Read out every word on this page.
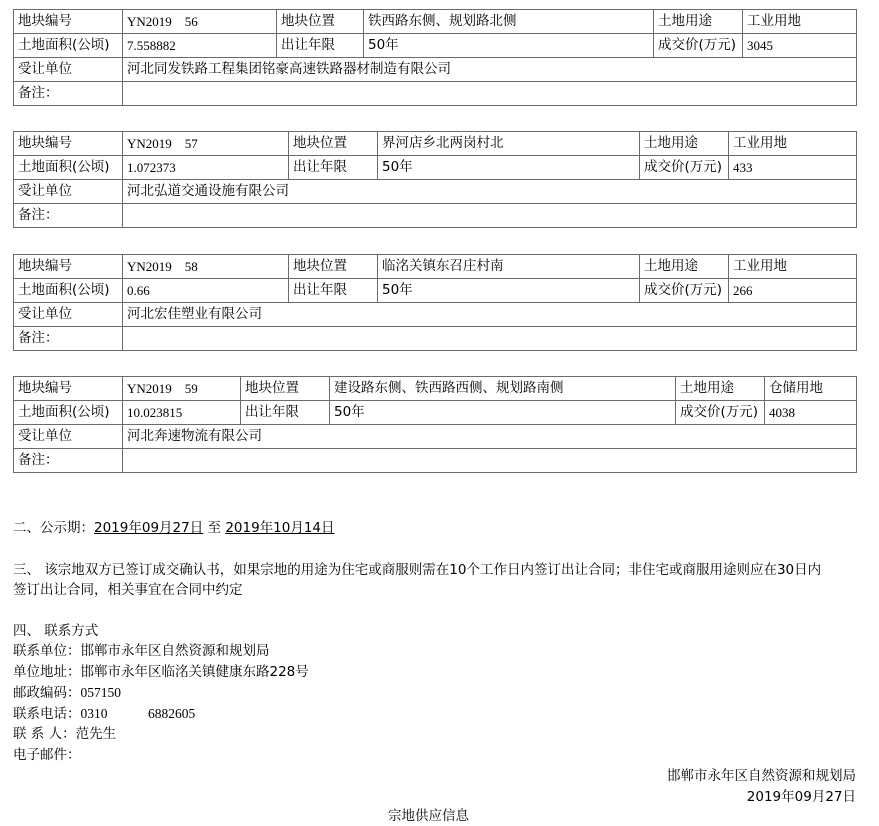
地块编号	YN2019　56	地块位置	铁西路东侧、规划路北侧	土地用途	工业用地
土地面积(公顷)	7.558882	出让年限	50年	成交价(万元)	3045
受让单位	河北同发铁路工程集团铭豪高速铁路器材制造有限公司				
备注：					
地块编号	YN2019　57	地块位置	界河店乡北两岗村北	土地用途	工业用地
土地面积(公顷)	1.072373	出让年限	50年	成交价(万元)	433
受让单位	河北弘道交通设施有限公司				
备注：					
地块编号	YN2019　58	地块位置	临洺关镇东召庄村南	土地用途	工业用地
土地面积(公顷)	0.66	出让年限	50年	成交价(万元)	266
受让单位	河北宏佳塑业有限公司				
备注：					
地块编号	YN2019　59	地块位置	建设路东侧、铁西路西侧、规划路南侧	土地用途	仓储用地
土地面积(公顷)	10.023815	出让年限	50年	成交价(万元)	4038
受让单位	河北奔速物流有限公司				
备注：					

二、公示期：2019年09月27日 至 2019年10月14日

三、 该宗地双方已签订成交确认书，如果宗地的用途为住宅或商服则需在10个工作日内签订出让合同；非住宅或商服用途则应在30日内

签订出让合同，相关事宜在合同中约定

四、 联系方式

联系单位：邯郸市永年区自然资源和规划局

单位地址：邯郸市永年区临洺关镇健康东路228号

邮政编码：057150

联系电话：0310　　　6882605

联 系 人：范先生

电子邮件：

邯郸市永年区自然资源和规划局

2019年09月27日

宗地供应信息
